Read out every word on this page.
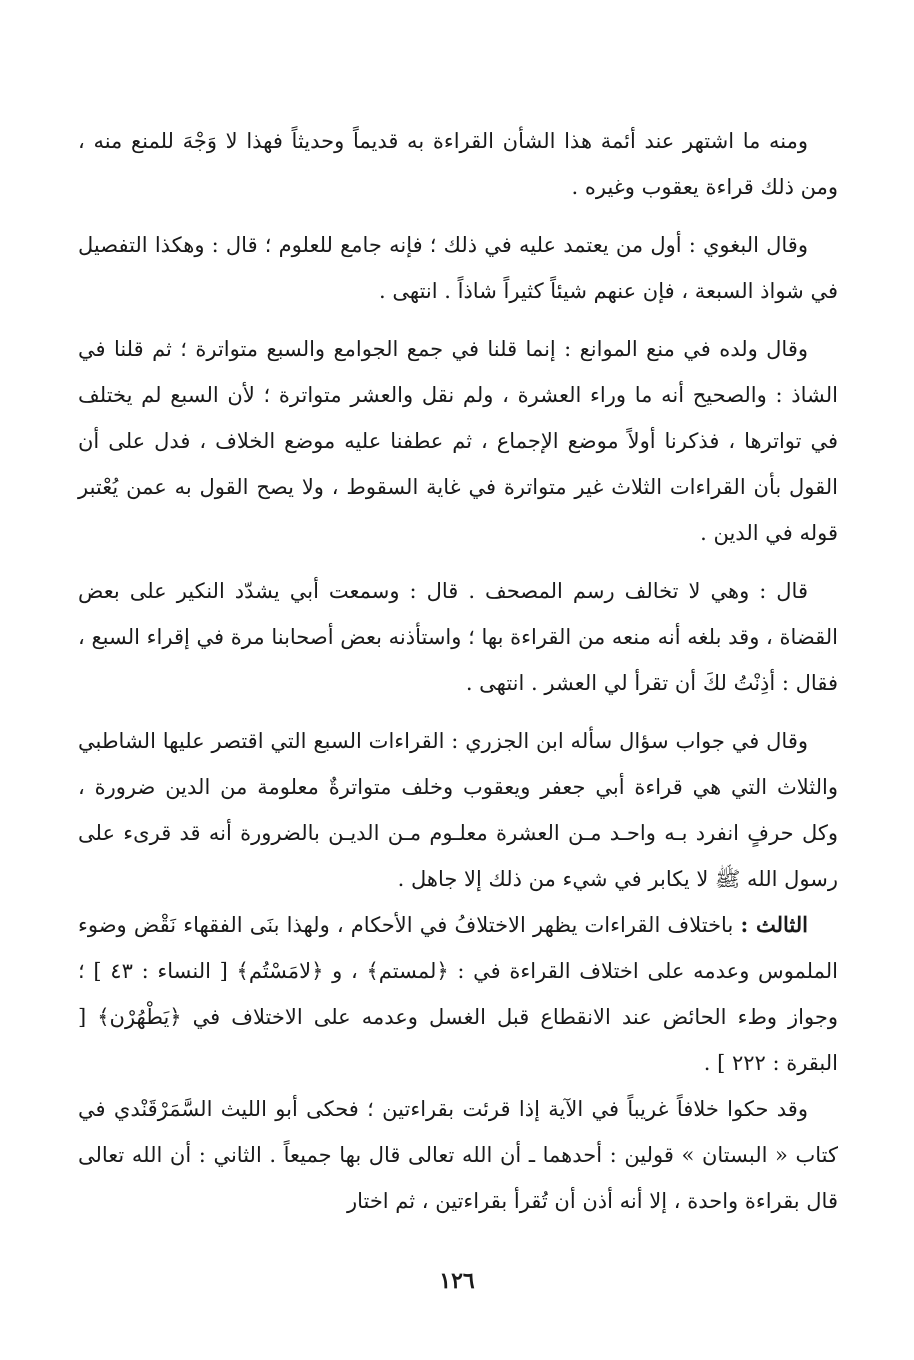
ومنه ما اشتهر عند أئمة هذا الشأن القراءة به قديماً وحديثاً فهذا لا وَجْهَ للمنع منه ، ومن ذلك قراءة يعقوب وغيره .

وقال البغوي : أول من يعتمد عليه في ذلك ؛ فإنه جامع للعلوم ؛ قال : وهكذا التفصيل في شواذ السبعة ، فإن عنهم شيئاً كثيراً شاذاً . انتهى .

وقال ولده في منع الموانع : إنما قلنا في جمع الجوامع والسبع متواترة ؛ ثم قلنا في الشاذ : والصحيح أنه ما وراء العشرة ، ولم نقل والعشر متواترة ؛ لأن السبع لم يختلف في تواترها ، فذكرنا أولاً موضع الإجماع ، ثم عطفنا عليه موضع الخلاف ، فدل على أن القول بأن القراءات الثلاث غير متواترة في غاية السقوط ، ولا يصح القول به عمن يُعْتبر قوله في الدين .

قال : وهي لا تخالف رسم المصحف . قال : وسمعت أبي يشدّد النكير على بعض القضاة ، وقد بلغه أنه منعه من القراءة بها ؛ واستأذنه بعض أصحابنا مرة في إقراء السبع ، فقال : أذِنْتُ لكَ أن تقرأ لي العشر . انتهى .

وقال في جواب سؤال سأله ابن الجزري : القراءات السبع التي اقتصر عليها الشاطبي والثلاث التي هي قراءة أبي جعفر ويعقوب وخلف متواترةٌ معلومة من الدين ضرورة ، وكل حرفٍ انفرد بـه واحـد مـن العشرة معلـوم مـن الديـن بالضرورة أنه قد قرىء على رسول الله ﷺ لا يكابر في شيء من ذلك إلا جاهل .

الثالث : باختلاف القراءات يظهر الاختلافُ في الأحكام ، ولهذا بنَى الفقهاء نَقْض وضوء الملموس وعدمه على اختلاف القراءة في : ﴿لمستم﴾ ، و ﴿لامَسْتُم﴾ [ النساء : ٤٣ ] ؛ وجواز وطء الحائض عند الانقطاع قبل الغسل وعدمه على الاختلاف في ﴿يَطْهُرْن﴾ [ البقرة : ٢٢٢ ] .

وقد حكوا خلافاً غريباً في الآية إذا قرئت بقراءتين ؛ فحكى أبو الليث السَّمَرْقَنْدي في كتاب « البستان » قولين : أحدهما ـ أن الله تعالى قال بها جميعاً . الثاني : أن الله تعالى قال بقراءة واحدة ، إلا أنه أذن أن تُقرأ بقراءتين ، ثم اختار

١٢٦
